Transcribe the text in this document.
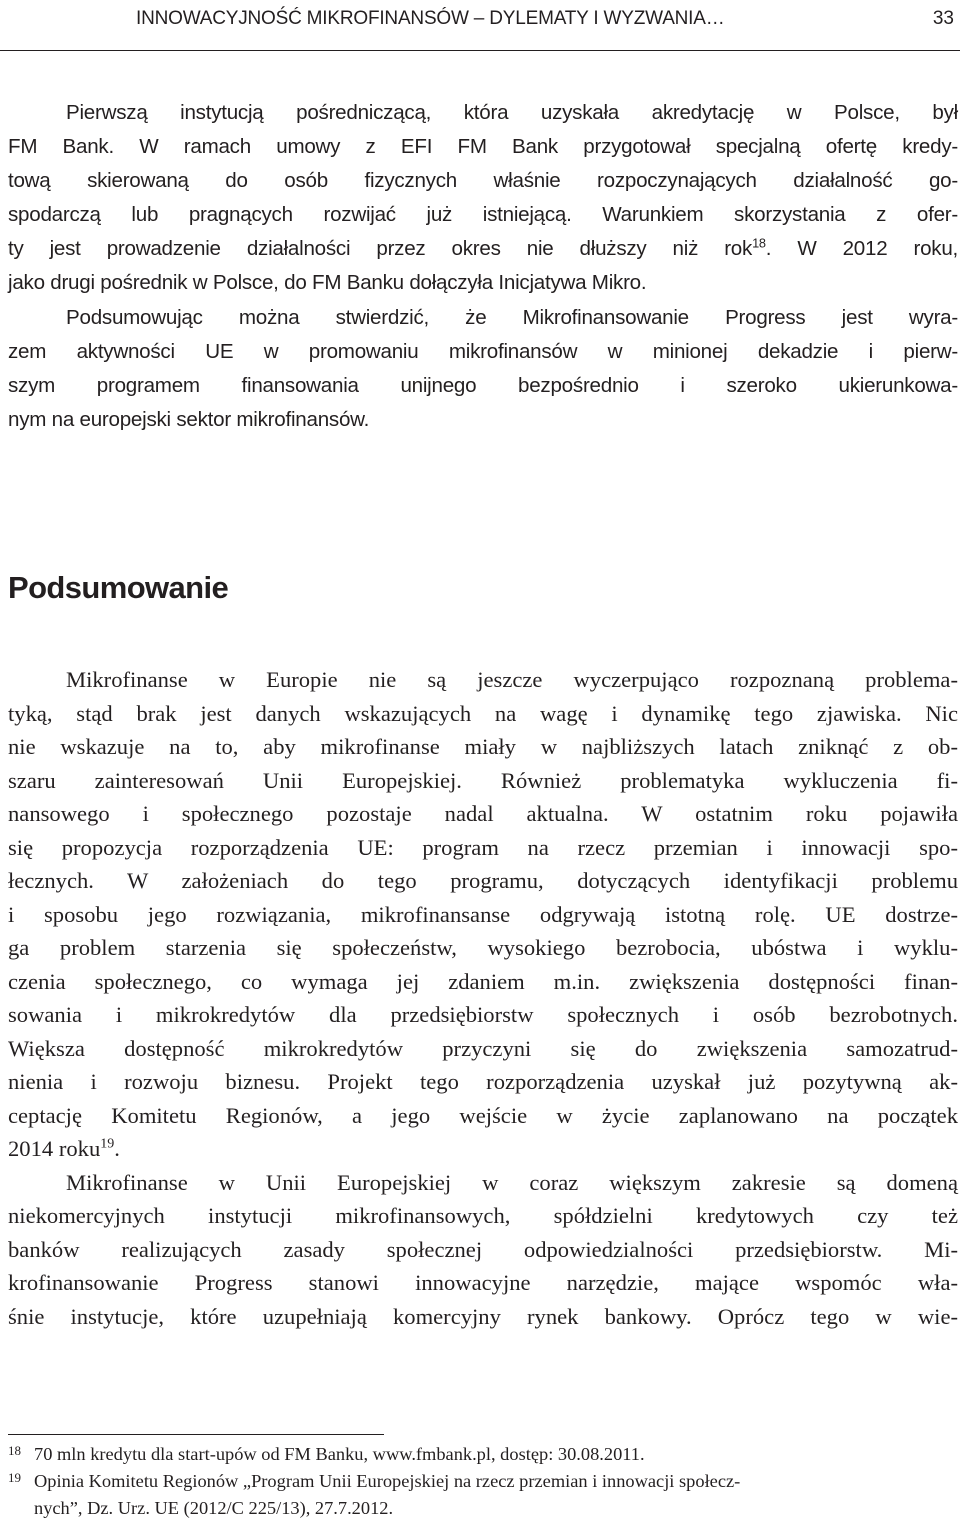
INNOWACYJNOŚĆ MIKROFINANSÓW – DYLEMATY I WYZWANIA…	33

Pierwszą instytucją pośredniczącą, która uzyskała akredytację w Polsce, był

FM Bank. W ramach umowy z EFI FM Bank przygotował specjalną ofertę kredy-

tową skierowaną do osób fizycznych właśnie rozpoczynających działalność go-

spodarczą lub pragnących rozwijać już istniejącą. Warunkiem skorzystania z ofer-

ty jest prowadzenie działalności przez okres nie dłuższy niż rok$^{18}$. W 2012 roku,

jako drugi pośrednik w Polsce, do FM Banku dołączyła Inicjatywa Mikro.

Podsumowując można stwierdzić, że Mikrofinansowanie Progress jest wyra-

zem aktywności UE w promowaniu mikrofinansów w minionej dekadzie i pierw-

szym programem finansowania unijnego bezpośrednio i szeroko ukierunkowa-

nym na europejski sektor mikrofinansów.

Podsumowanie

Mikrofinanse w Europie nie są jeszcze wyczerpująco rozpoznaną problema-

tyką, stąd brak jest danych wskazujących na wagę i dynamikę tego zjawiska. Nic

nie wskazuje na to, aby mikrofinanse miały w najbliższych latach zniknąć z ob-

szaru zainteresowań Unii Europejskiej. Również problematyka wykluczenia fi-

nansowego i społecznego pozostaje nadal aktualna. W ostatnim roku pojawiła

się propozycja rozporządzenia UE: program na rzecz przemian i innowacji spo-

łecznych. W założeniach do tego programu, dotyczących identyfikacji problemu

i sposobu jego rozwiązania, mikrofinansanse odgrywają istotną rolę. UE dostrze-

ga problem starzenia się społeczeństw, wysokiego bezrobocia, ubóstwa i wyklu-

czenia społecznego, co wymaga jej zdaniem m.in. zwiększenia dostępności finan-

sowania i mikrokredytów dla przedsiębiorstw społecznych i osób bezrobotnych.

Większa dostępność mikrokredytów przyczyni się do zwiększenia samozatrud-

nienia i rozwoju biznesu. Projekt tego rozporządzenia uzyskał już pozytywną ak-

ceptację Komitetu Regionów, a jego wejście w życie zaplanowano na początek

2014 roku$^{19}$.

Mikrofinanse w Unii Europejskiej w coraz większym zakresie są domeną

niekomercyjnych instytucji mikrofinansowych, spółdzielni kredytowych czy też

banków realizujących zasady społecznej odpowiedzialności przedsiębiorstw. Mi-

krofinansowanie Progress stanowi innowacyjne narzędzie, mające wspomóc wła-

śnie instytucje, które uzupełniają komercyjny rynek bankowy. Oprócz tego w wie-

18 70 mln kredytu dla start-upów od FM Banku, www.fmbank.pl, dostęp: 30.08.2011.
19 Opinia Komitetu Regionów „Program Unii Europejskiej na rzecz przemian i innowacji społecz-
nych”, Dz. Urz. UE (2012/C 225/13), 27.7.2012.
